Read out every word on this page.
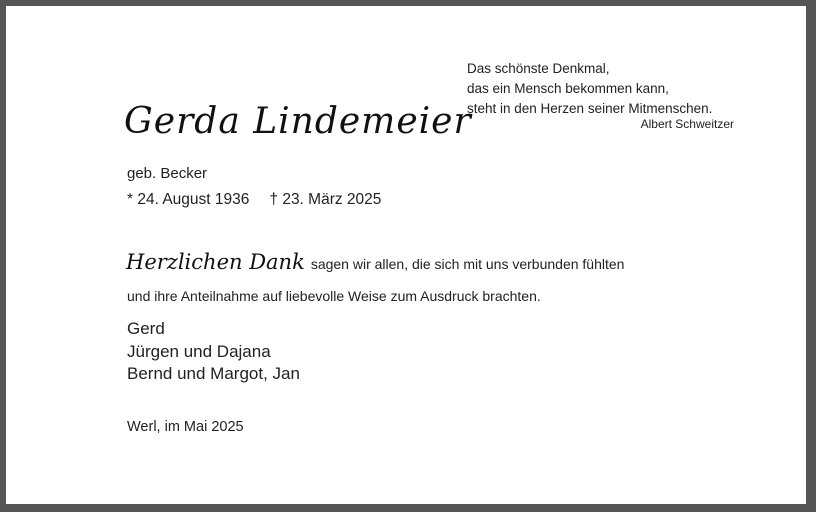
Das schönste Denkmal,
das ein Mensch bekommen kann,
steht in den Herzen seiner Mitmenschen.
Albert Schweitzer
Gerda Lindemeier
geb. Becker
* 24. August 1936 † 23. März 2025
Herzlichen Dank sagen wir allen, die sich mit uns verbunden fühlten
und ihre Anteilnahme auf liebevolle Weise zum Ausdruck brachten.
Gerd
Jürgen und Dajana
Bernd und Margot, Jan
Werl, im Mai 2025
